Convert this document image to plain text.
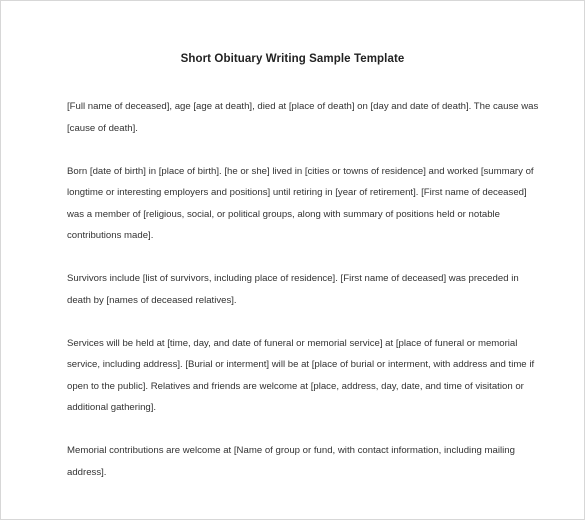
Short Obituary Writing Sample Template

[Full name of deceased], age [age at death], died at [place of death] on [day and date of death]. The cause was
[cause of death].

Born [date of birth] in [place of birth]. [he or she] lived in [cities or towns of residence] and worked [summary of
longtime or interesting employers and positions] until retiring in [year of retirement]. [First name of deceased]
was a member of [religious, social, or political groups, along with summary of positions held or notable
contributions made].

Survivors include [list of survivors, including place of residence]. [First name of deceased] was preceded in
death by [names of deceased relatives].

Services will be held at [time, day, and date of funeral or memorial service] at [place of funeral or memorial
service, including address]. [Burial or interment] will be at [place of burial or interment, with address and time if
open to the public]. Relatives and friends are welcome at [place, address, day, date, and time of visitation or
additional gathering].

Memorial contributions are welcome at [Name of group or fund, with contact information, including mailing
address].
